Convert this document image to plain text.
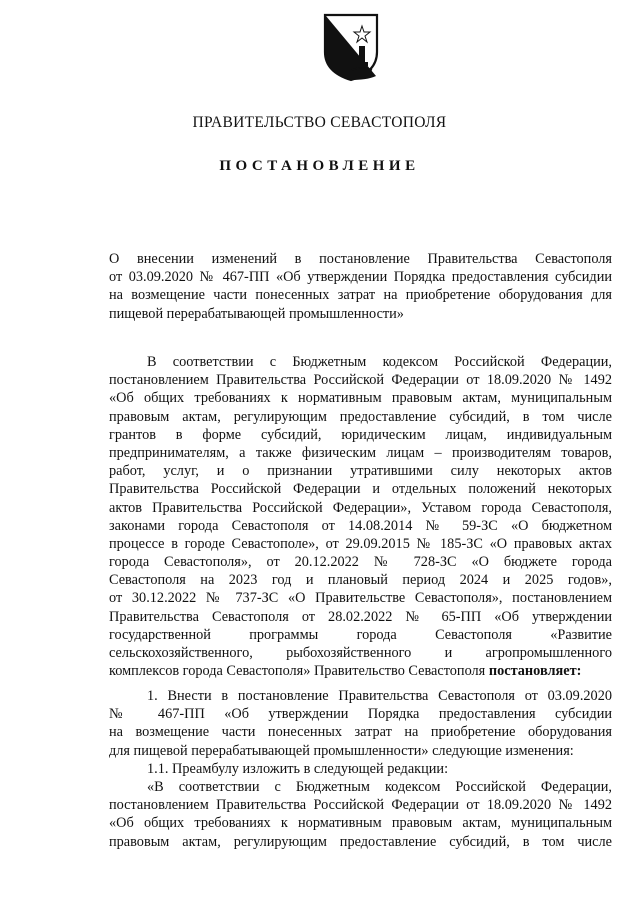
ПРАВИТЕЛЬСТВО СЕВАСТОПОЛЯ
ПОСТАНОВЛЕНИЕ
О внесении изменений в постановление Правительства Севастополя
от 03.09.2020 № 467-ПП «Об утверждении Порядка предоставления субсидии
на возмещение части понесенных затрат на приобретение оборудования для
пищевой перерабатывающей промышленности»
В соответствии с Бюджетным кодексом Российской Федерации,
постановлением Правительства Российской Федерации от 18.09.2020 № 1492
«Об общих требованиях к нормативным правовым актам, муниципальным
правовым актам, регулирующим предоставление субсидий, в том числе
грантов в форме субсидий, юридическим лицам, индивидуальным
предпринимателям, а также физическим лицам – производителям товаров,
работ, услуг, и о признании утратившими силу некоторых актов
Правительства Российской Федерации и отдельных положений некоторых
актов Правительства Российской Федерации», Уставом города Севастополя,
законами города Севастополя от 14.08.2014 № 59-ЗС «О бюджетном
процессе в городе Севастополе», от 29.09.2015 № 185-ЗС «О правовых актах
города Севастополя», от 20.12.2022 № 728-ЗС «О бюджете города
Севастополя на 2023 год и плановый период 2024 и 2025 годов»,
от 30.12.2022 № 737-ЗС «О Правительстве Севастополя», постановлением
Правительства Севастополя от 28.02.2022 № 65-ПП «Об утверждении
государственной программы города Севастополя «Развитие
сельскохозяйственного, рыбохозяйственного и агропромышленного
комплексов города Севастополя» Правительство Севастополя постановляет:
1. Внести в постановление Правительства Севастополя от 03.09.2020
№ 467-ПП «Об утверждении Порядка предоставления субсидии
на возмещение части понесенных затрат на приобретение оборудования
для пищевой перерабатывающей промышленности» следующие изменения:
1.1. Преамбулу изложить в следующей редакции:
«В соответствии с Бюджетным кодексом Российской Федерации,
постановлением Правительства Российской Федерации от 18.09.2020 № 1492
«Об общих требованиях к нормативным правовым актам, муниципальным
правовым актам, регулирующим предоставление субсидий, в том числе
